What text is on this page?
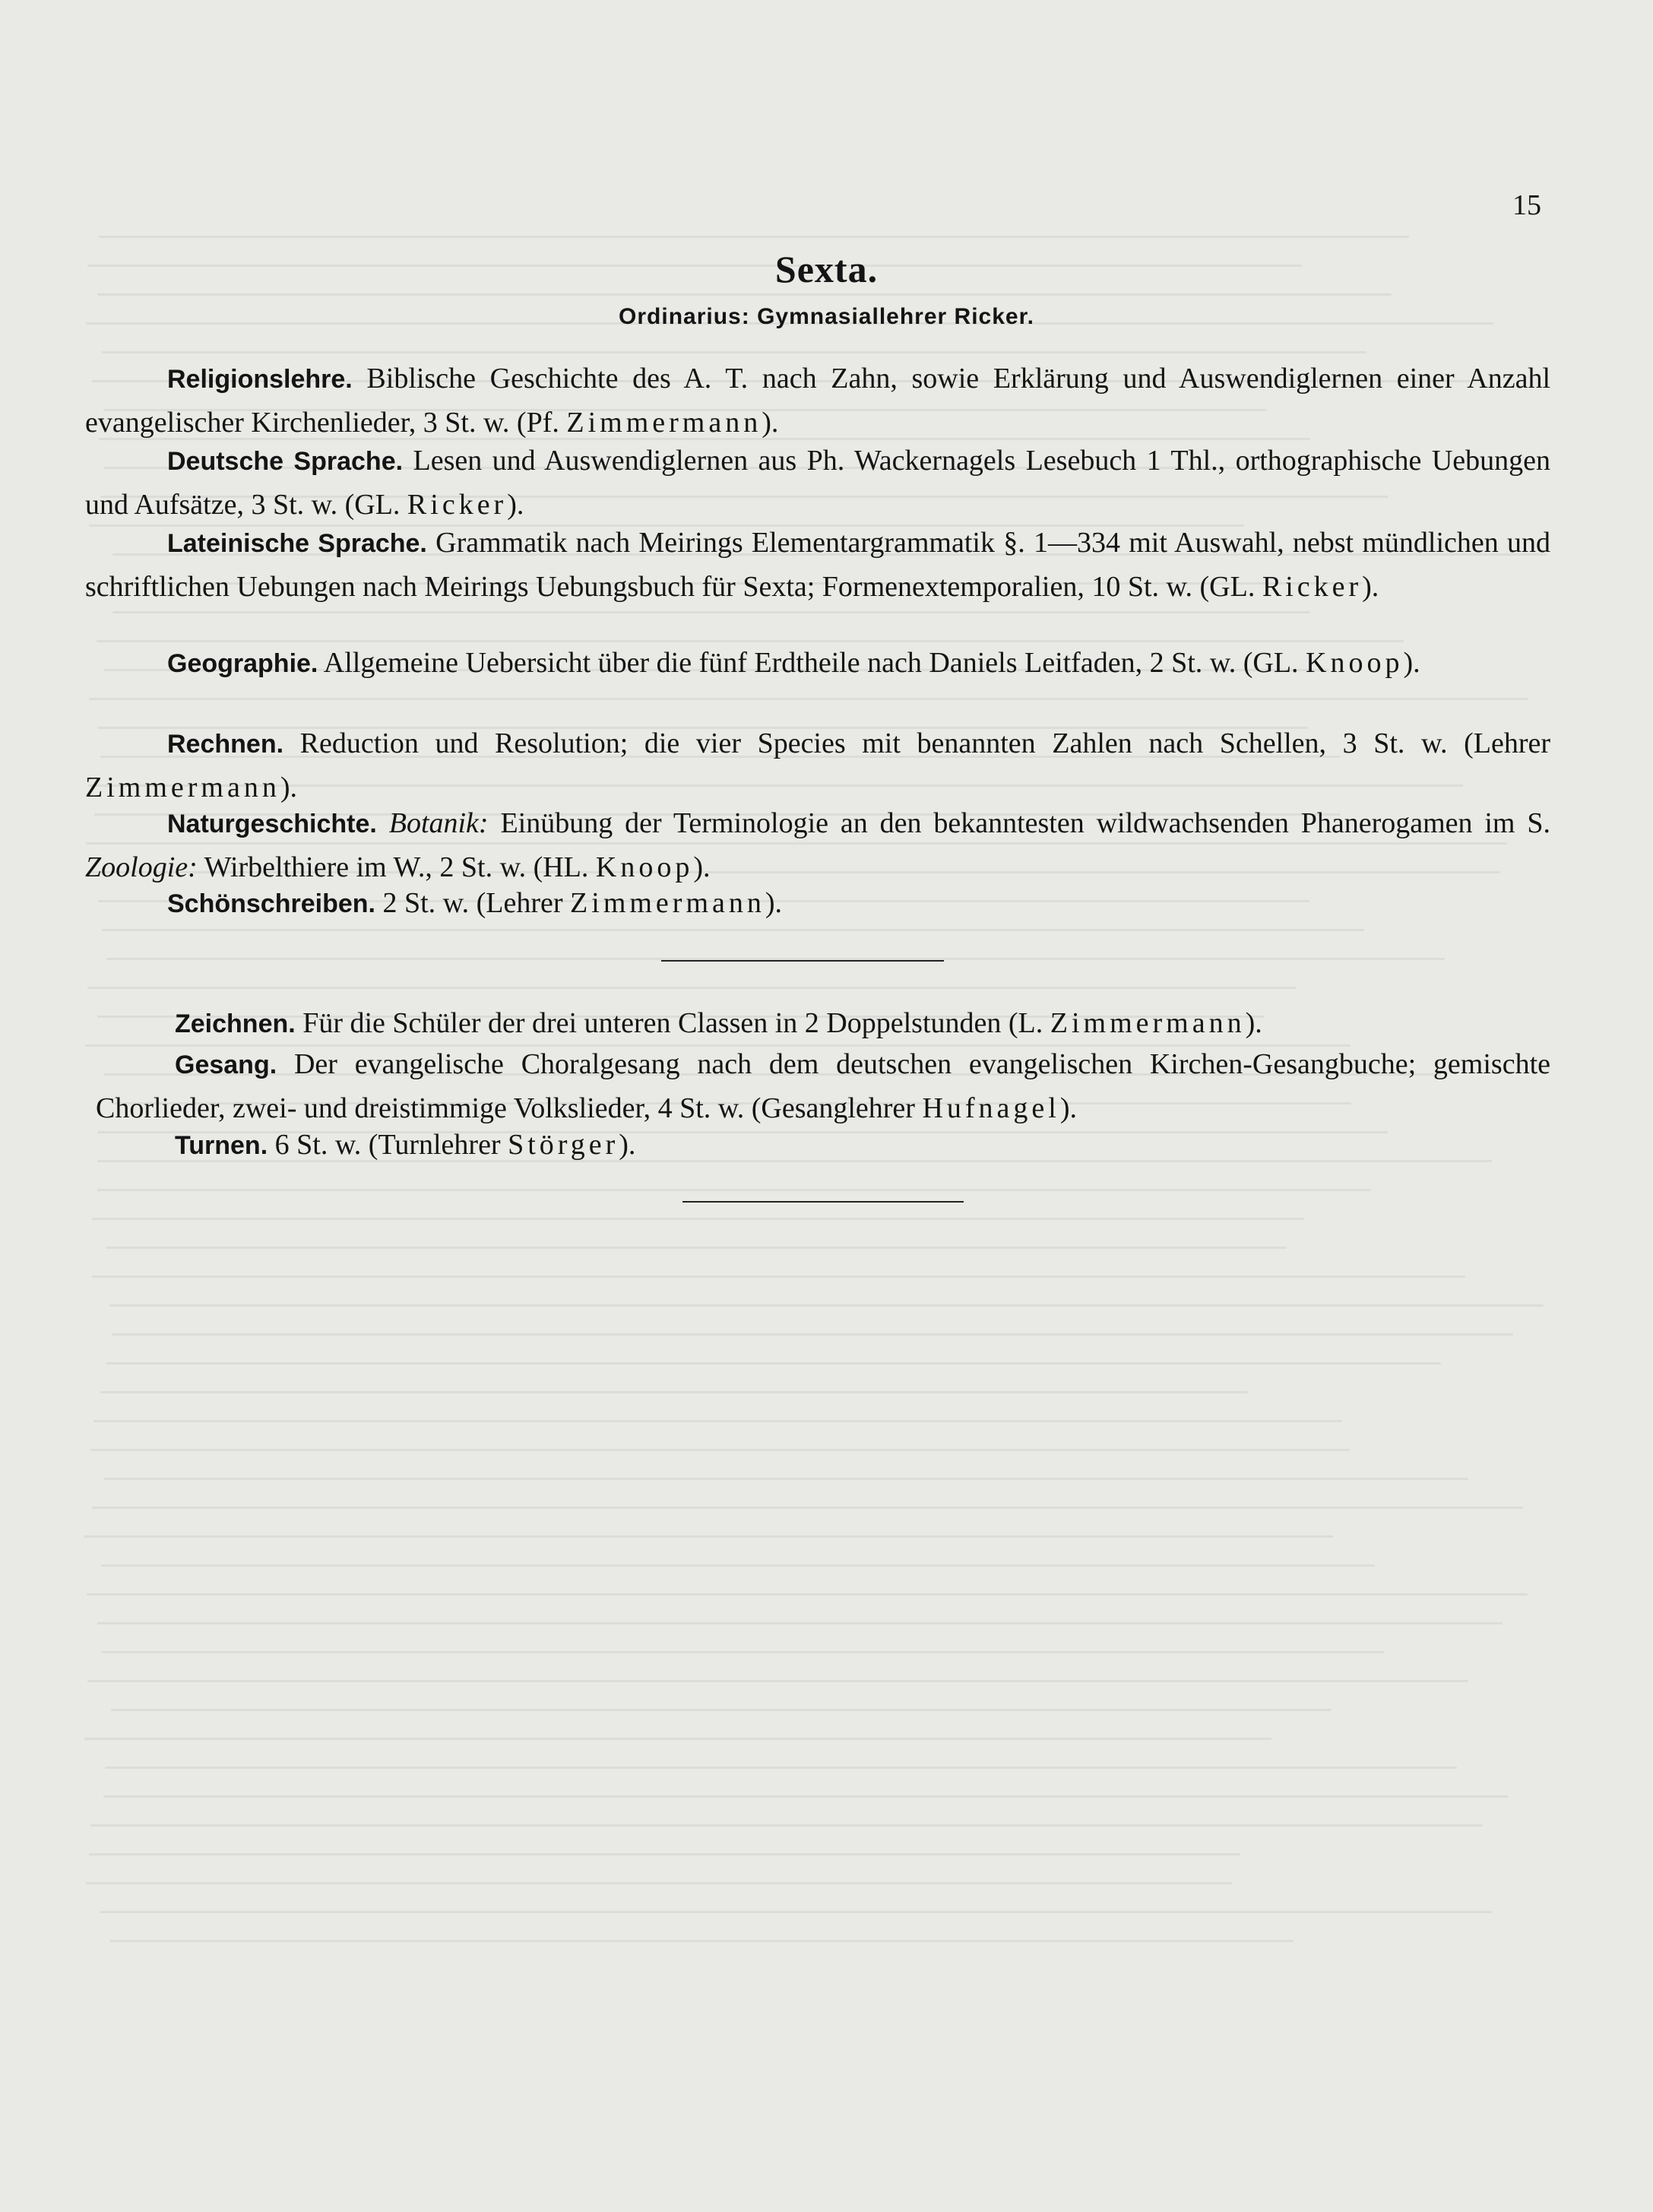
15
Sexta.
Ordinarius: Gymnasiallehrer Ricker.
Religionslehre. Biblische Geschichte des A. T. nach Zahn, sowie Erklärung und Auswendiglernen einer Anzahl evangelischer Kirchenlieder, 3 St. w. (Pf. Zimmermann).
Deutsche Sprache. Lesen und Auswendiglernen aus Ph. Wackernagels Lesebuch 1 Thl., orthographische Uebungen und Aufsätze, 3 St. w. (GL. Ricker).
Lateinische Sprache. Grammatik nach Meirings Elementargrammatik §. 1—334 mit Auswahl, nebst mündlichen und schriftlichen Uebungen nach Meirings Uebungsbuch für Sexta; Formenextemporalien, 10 St. w. (GL. Ricker).
Geographie. Allgemeine Uebersicht über die fünf Erdtheile nach Daniels Leitfaden, 2 St. w. (GL. Knoop).
Rechnen. Reduction und Resolution; die vier Species mit benannten Zahlen nach Schellen, 3 St. w. (Lehrer Zimmermann).
Naturgeschichte. Botanik: Einübung der Terminologie an den bekanntesten wildwachsenden Phanerogamen im S. Zoologie: Wirbelthiere im W., 2 St. w. (HL. Knoop).
Schönschreiben. 2 St. w. (Lehrer Zimmermann).
Zeichnen. Für die Schüler der drei unteren Classen in 2 Doppelstunden (L. Zimmermann).
Gesang. Der evangelische Choralgesang nach dem deutschen evangelischen Kirchen-Gesangbuche; gemischte Chorlieder, zwei- und dreistimmige Volkslieder, 4 St. w. (Gesanglehrer Hufnagel).
Turnen. 6 St. w. (Turnlehrer Störger).
